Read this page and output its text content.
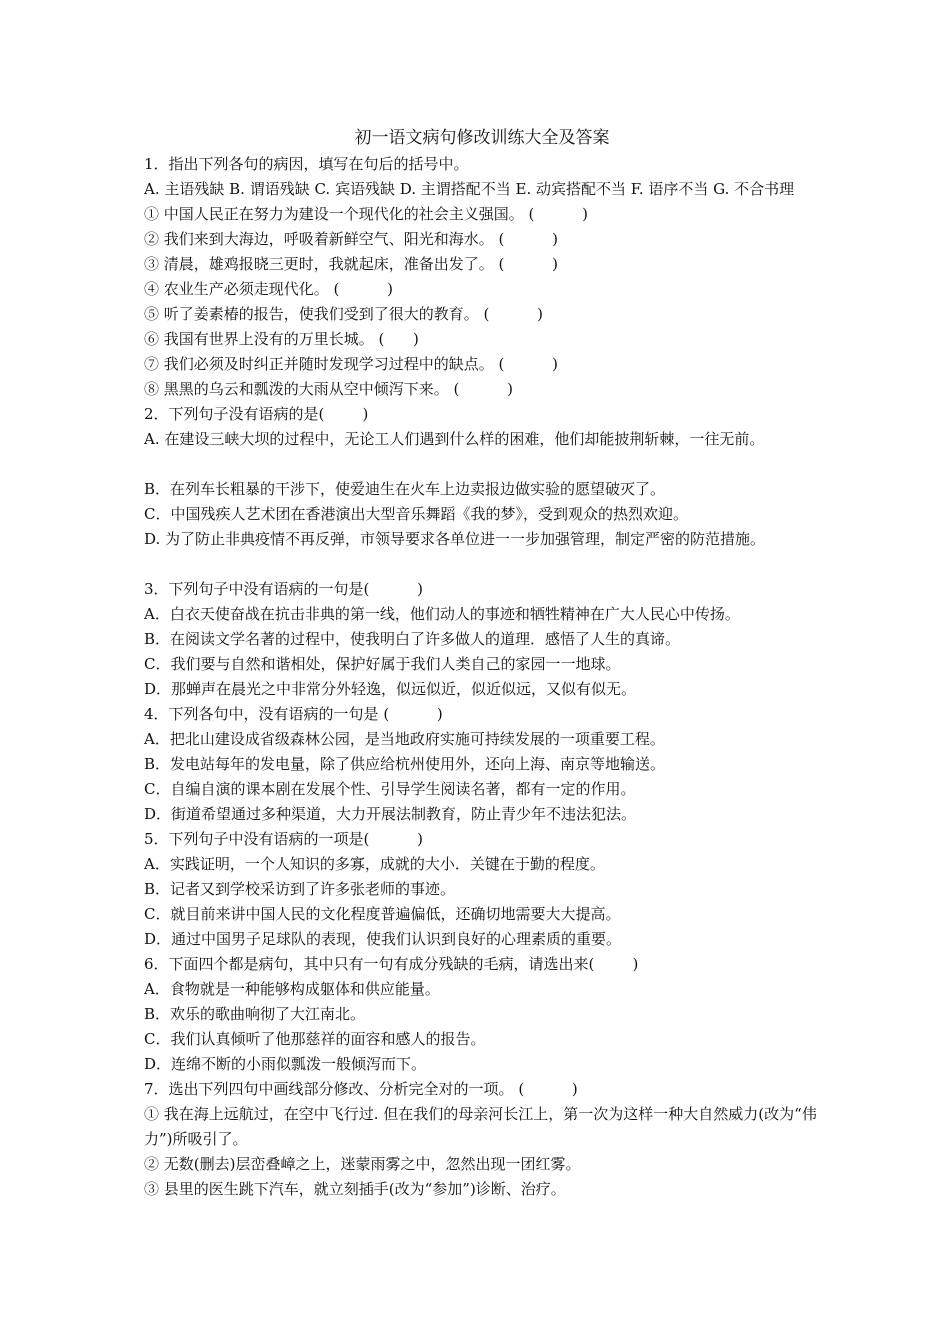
初一语文病句修改训练大全及答案
1．指出下列各句的病因，填写在句后的括号中。
A. 主语残缺 B. 谓语残缺 C. 宾语残缺 D. 主谓搭配不当 E. 动宾搭配不当 F. 语序不当 G. 不合书理
① 中国人民正在努力为建设一个现代化的社会主义强国。 (          )
② 我们来到大海边，呼吸着新鲜空气、阳光和海水。 (          )
③ 清晨，雄鸡报晓三更时，我就起床，准备出发了。 (          )
④ 农业生产必须走现代化。 (          )
⑤ 听了姜素椿的报告，使我们受到了很大的教育。 (          )
⑥ 我国有世界上没有的万里长城。 (      )
⑦ 我们必须及时纠正并随时发现学习过程中的缺点。 (          )
⑧ 黑黑的乌云和瓢泼的大雨从空中倾泻下来。 (          )
2．下列句子没有语病的是(        )
A. 在建设三峡大坝的过程中，无论工人们遇到什么样的困难，他们却能披荆斩棘，一往无前。
B．在列车长粗暴的干涉下，使爱迪生在火车上边卖报边做实验的愿望破灭了。
C．中国残疾人艺术团在香港演出大型音乐舞蹈《我的梦》，受到观众的热烈欢迎。
D. 为了防止非典疫情不再反弹，市领导要求各单位进一一步加强管理，制定严密的防范措施。
3．下列句子中没有语病的一句是(          )
A．白衣天使奋战在抗击非典的第一线，他们动人的事迹和牺牲精神在广大人民心中传扬。
B．在阅读文学名著的过程中，使我明白了许多做人的道理．感悟了人生的真谛。
C．我们要与自然和谐相处，保护好属于我们人类自己的家园一一地球。
D．那蝉声在晨光之中非常分外轻逸，似远似近，似近似远，又似有似无。
4．下列各句中，没有语病的一句是 (          )
A．把北山建设成省级森林公园，是当地政府实施可持续发展的一项重要工程。
B．发电站每年的发电量，除了供应给杭州使用外，还向上海、南京等地输送。
C．自编自演的课本剧在发展个性、引导学生阅读名著，都有一定的作用。
D．街道希望通过多种渠道，大力开展法制教育，防止青少年不违法犯法。
5．下列句子中没有语病的一项是(          )
A．实践证明，一个人知识的多寡，成就的大小．关键在于勤的程度。
B．记者又到学校采访到了许多张老师的事迹。
C．就目前来讲中国人民的文化程度普遍偏低，还确切地需要大大提高。
D．通过中国男子足球队的表现，使我们认识到良好的心理素质的重要。
6．下面四个都是病句，其中只有一句有成分残缺的毛病，请选出来(        )
A．食物就是一种能够构成躯体和供应能量。
B．欢乐的歌曲响彻了大江南北。
C．我们认真倾听了他那慈祥的面容和感人的报告。
D．连绵不断的小雨似瓢泼一般倾泻而下。
7．选出下列四句中画线部分修改、分析完全对的一项。 (          )
① 我在海上远航过，在空中飞行过. 但在我们的母亲河长江上，第一次为这样一种大自然威力(改为“伟力”)所吸引了。
② 无数(删去)层峦叠嶂之上，迷蒙雨雾之中，忽然出现一团红雾。
③ 县里的医生跳下汽车，就立刻插手(改为“参加”)诊断、治疗。
